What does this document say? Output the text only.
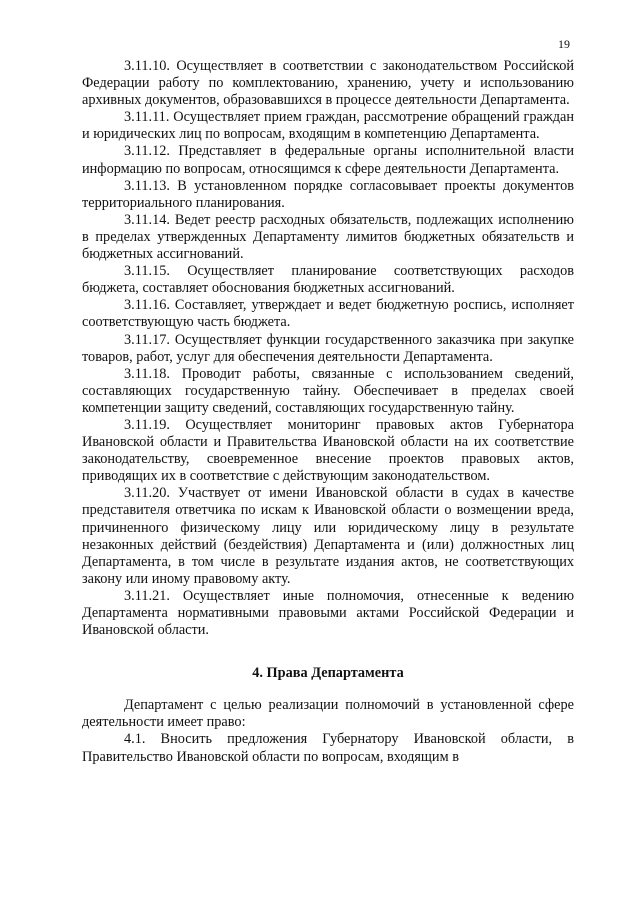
19

3.11.10. Осуществляет в соответствии с законодательством Российской Федерации работу по комплектованию, хранению, учету и использованию архивных документов, образовавшихся в процессе деятельности Департамента.

3.11.11. Осуществляет прием граждан, рассмотрение обращений граждан и юридических лиц по вопросам, входящим в компетенцию Департамента.

3.11.12. Представляет в федеральные органы исполнительной власти информацию по вопросам, относящимся к сфере деятельности Департамента.

3.11.13. В установленном порядке согласовывает проекты документов территориального планирования.

3.11.14. Ведет реестр расходных обязательств, подлежащих исполнению в пределах утвержденных Департаменту лимитов бюджетных обязательств и бюджетных ассигнований.

3.11.15. Осуществляет планирование соответствующих расходов бюджета, составляет обоснования бюджетных ассигнований.

3.11.16. Составляет, утверждает и ведет бюджетную роспись, исполняет соответствующую часть бюджета.

3.11.17. Осуществляет функции государственного заказчика при закупке товаров, работ, услуг для обеспечения деятельности Департамента.

3.11.18. Проводит работы, связанные с использованием сведений, составляющих государственную тайну. Обеспечивает в пределах своей компетенции защиту сведений, составляющих государственную тайну.

3.11.19. Осуществляет мониторинг правовых актов Губернатора Ивановской области и Правительства Ивановской области на их соответствие законодательству, своевременное внесение проектов правовых актов, приводящих их в соответствие с действующим законодательством.

3.11.20. Участвует от имени Ивановской области в судах в качестве представителя ответчика по искам к Ивановской области о возмещении вреда, причиненного физическому лицу или юридическому лицу в результате незаконных действий (бездействия) Департамента и (или) должностных лиц Департамента, в том числе в результате издания актов, не соответствующих закону или иному правовому акту.

3.11.21. Осуществляет иные полномочия, отнесенные к ведению Департамента нормативными правовыми актами Российской Федерации и Ивановской области.

4. Права Департамента

Департамент с целью реализации полномочий в установленной сфере деятельности имеет право:

4.1. Вносить предложения Губернатору Ивановской области, в Правительство Ивановской области по вопросам, входящим в
